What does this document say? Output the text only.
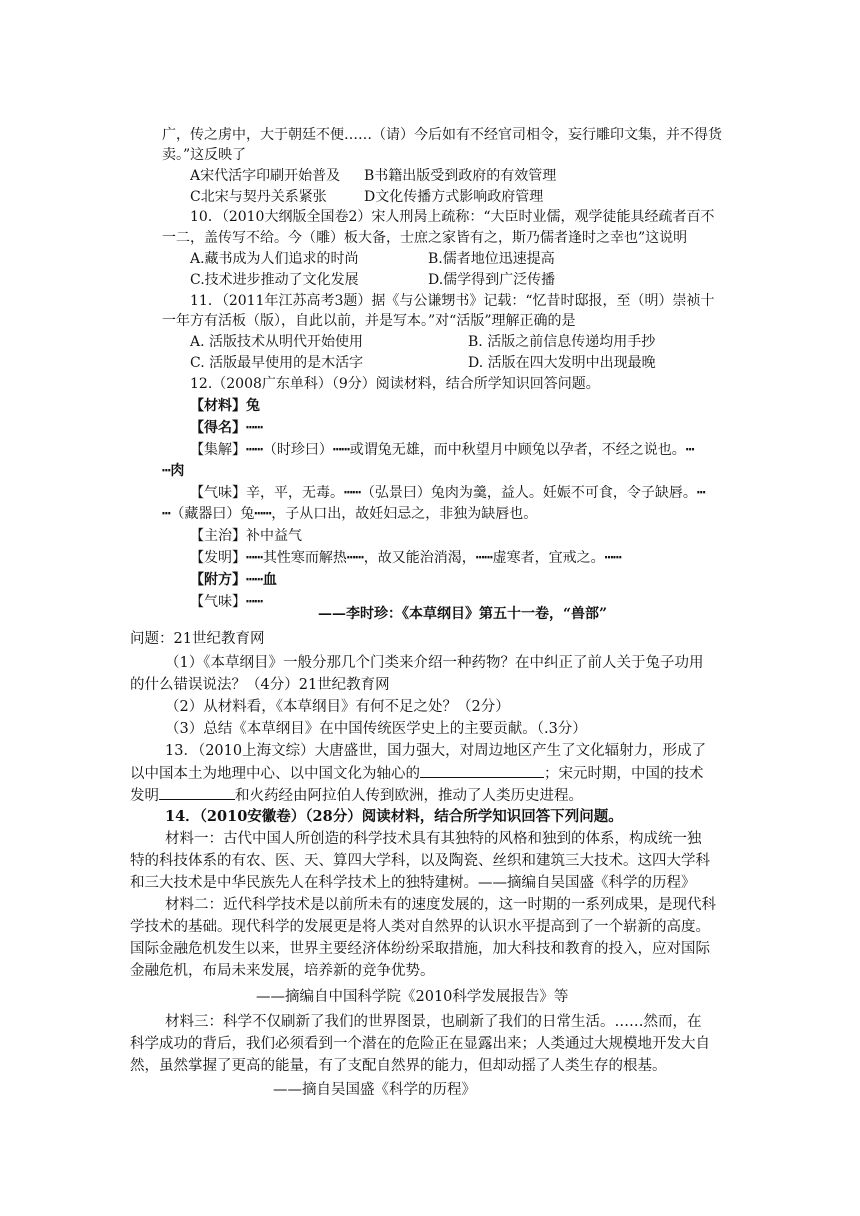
广，传之虏中，大于朝廷不便……（请）今后如有不经官司相令，妄行雕印文集，并不得货
卖。”这反映了
A宋代活字印刷开始普及 B书籍出版受到政府的有效管理
C北宋与契丹关系紧张	D文化传播方式影响政府管理
10．（2010大纲版全国卷2）宋人刑昺上疏称：“大臣时业儒，观学徒能具经疏者百不
一二，盖传写不给。今（雕）板大备，士庶之家皆有之，斯乃儒者逢时之幸也”这说明
A.藏书成为人们追求的时尚	B.儒者地位迅速提高
C.技术进步推动了文化发展	D.儒学得到广泛传播
11．（2011年江苏高考3题）据《与公谦甥书》记载：“忆昔时邸报，至（明）崇祯十
一年方有活板（版），自此以前，并是写本。”对“活版”理解正确的是
A. 活版技术从明代开始使用	B. 活版之前信息传递均用手抄
C. 活版最早使用的是木活字	D. 活版在四大发明中出现最晚
12.（2008广东单科）（9分）阅读材料，结合所学知识回答问题。
【材料】兔
【得名】┅┅
【集解】┅┅（时珍曰）┅┅或谓兔无雄，而中秋望月中顾兔以孕者，不经之说也。┅
┅肉
【气味】辛，平，无毒。┅┅（弘景曰）兔肉为羹，益人。妊娠不可食，令子缺唇。┅
┅（藏器曰）兔┅┅，子从口出，故妊妇忌之，非独为缺唇也。
【主治】补中益气
【发明】┅┅其性寒而解热┅┅，故又能治消渴，┅┅虚寒者，宜戒之。┅┅
【附方】┅┅血
【气味】┅┅
——李时珍：《本草纲目》第五十一卷，“兽部”
问题：21世纪教育网
（1）《本草纲目》一般分那几个门类来介绍一种药物？在中纠正了前人关于兔子功用
的什么错误说法？（4分）21世纪教育网
（2）从材料看，《本草纲目》有何不足之处？（2分）
（3）总结《本草纲目》在中国传统医学史上的主要贡献。（.3分）
13．（2010上海文综）大唐盛世，国力强大，对周边地区产生了文化辐射力，形成了
以中国本土为地理中心、以中国文化为轴心的	；宋元时期，中国的技术
发明	和火药经由阿拉伯人传到欧洲，推动了人类历史进程。
14．（2010安徽卷）（28分）阅读材料，结合所学知识回答下列问题。
材料一：古代中国人所创造的科学技术具有其独特的风格和独到的体系，构成统一独
特的科技体系的有农、医、天、算四大学科，以及陶瓷、丝织和建筑三大技术。这四大学科
和三大技术是中华民族先人在科学技术上的独特建树。——摘编自吴国盛《科学的历程》
材料二：近代科学技术是以前所未有的速度发展的，这一时期的一系列成果，是现代科
学技术的基础。现代科学的发展更是将人类对自然界的认识水平提高到了一个崭新的高度。
国际金融危机发生以来，世界主要经济体纷纷采取措施，加大科技和教育的投入，应对国际
金融危机，布局未来发展，培养新的竞争优势。
——摘编自中国科学院《2010科学发展报告》等
材料三：科学不仅刷新了我们的世界图景，也刷新了我们的日常生活。……然而，在
科学成功的背后，我们必须看到一个潜在的危险正在显露出来；人类通过大规模地开发大自
然，虽然掌握了更高的能量，有了支配自然界的能力，但却动摇了人类生存的根基。
——摘自吴国盛《科学的历程》
